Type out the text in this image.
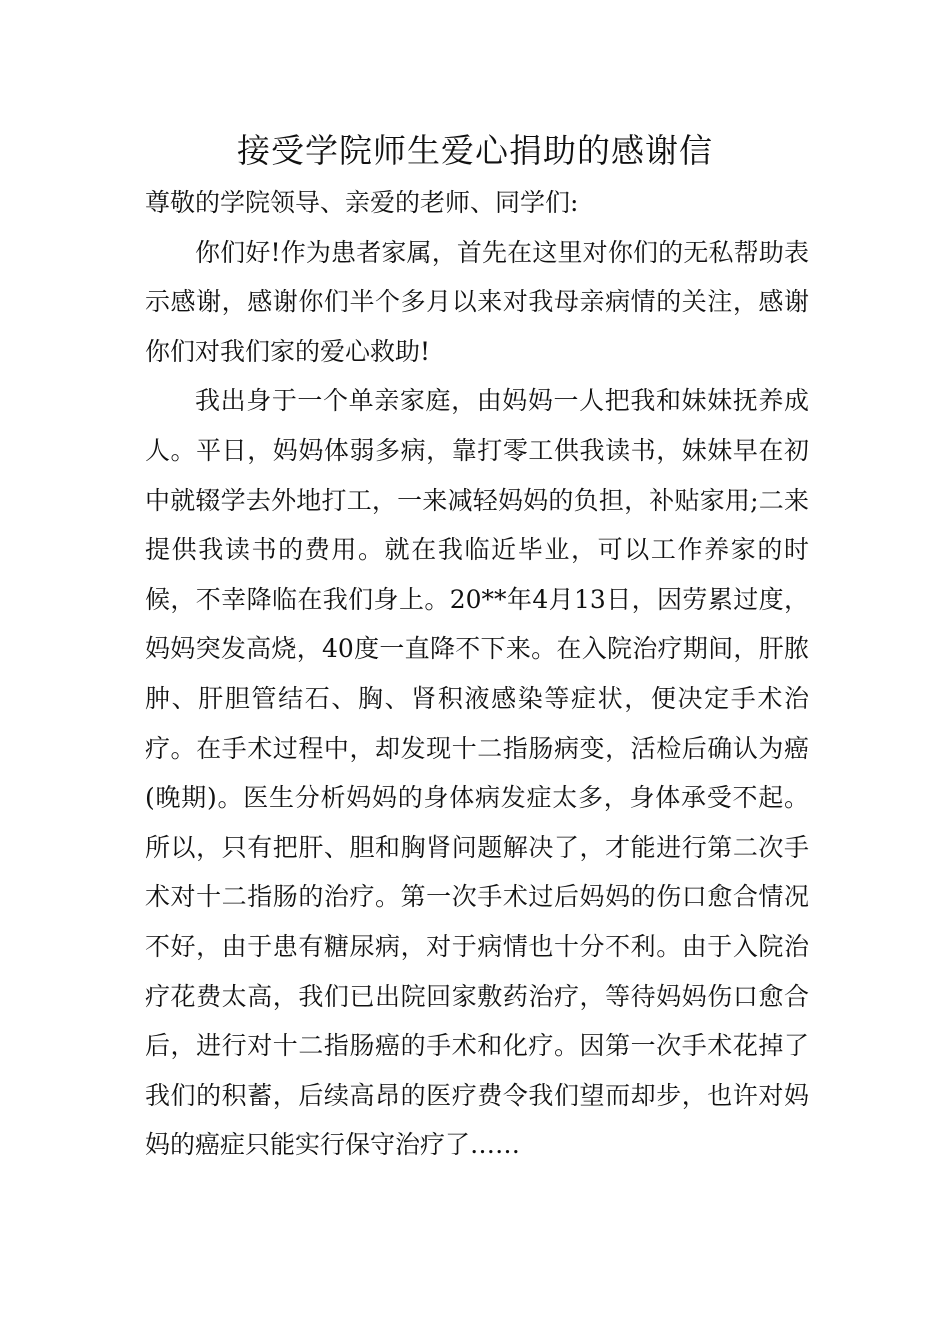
接受学院师生爱心捐助的感谢信

尊敬的学院领导、亲爱的老师、同学们:

你们好!作为患者家属，首先在这里对你们的无私帮助表示感谢，感谢你们半个多月以来对我母亲病情的关注，感谢你们对我们家的爱心救助!

我出身于一个单亲家庭，由妈妈一人把我和妹妹抚养成人。平日，妈妈体弱多病，靠打零工供我读书，妹妹早在初中就辍学去外地打工，一来减轻妈妈的负担，补贴家用;二来提供我读书的费用。就在我临近毕业，可以工作养家的时候，不幸降临在我们身上。20**年4月13日，因劳累过度，妈妈突发高烧，40度一直降不下来。在入院治疗期间，肝脓肿、肝胆管结石、胸、肾积液感染等症状，便决定手术治疗。在手术过程中，却发现十二指肠病变，活检后确认为癌(晚期)。医生分析妈妈的身体病发症太多，身体承受不起。所以，只有把肝、胆和胸肾问题解决了，才能进行第二次手术对十二指肠的治疗。第一次手术过后妈妈的伤口愈合情况不好，由于患有糖尿病，对于病情也十分不利。由于入院治疗花费太高，我们已出院回家敷药治疗，等待妈妈伤口愈合后，进行对十二指肠癌的手术和化疗。因第一次手术花掉了我们的积蓄，后续高昂的医疗费令我们望而却步，也许对妈妈的癌症只能实行保守治疗了……
